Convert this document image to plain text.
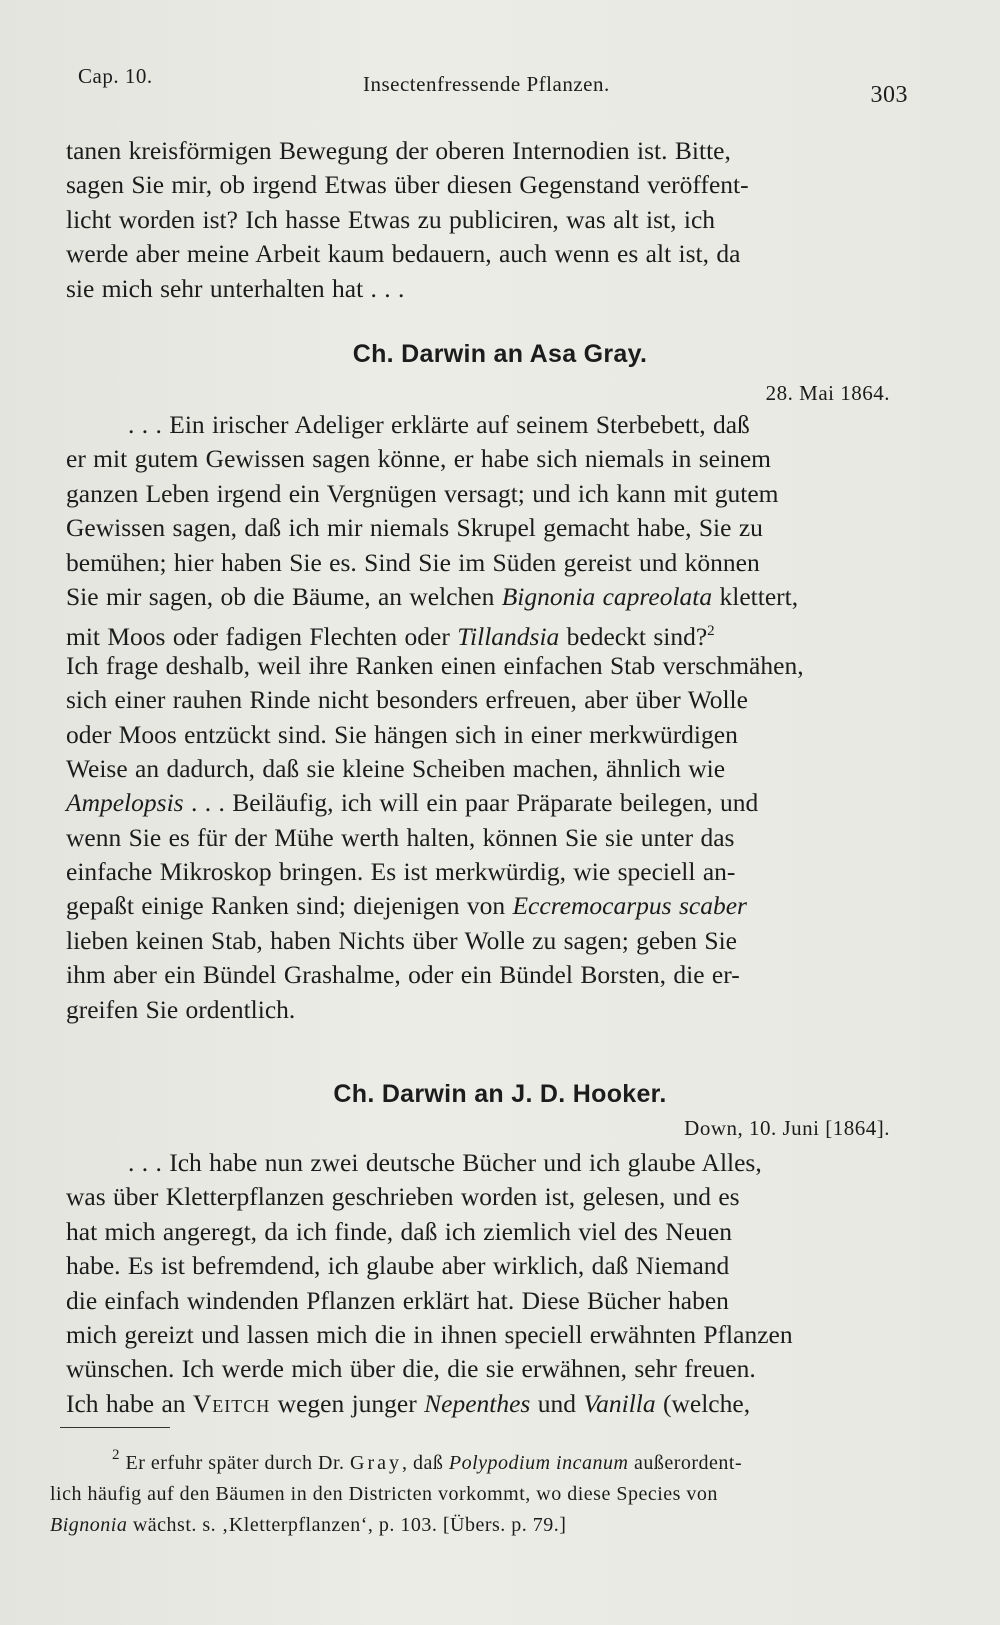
Cap. 10.	Insectenfressende Pflanzen.	303
tanen kreisförmigen Bewegung der oberen Internodien ist. Bitte,
sagen Sie mir, ob irgend Etwas über diesen Gegenstand veröffent-
licht worden ist? Ich hasse Etwas zu publiciren, was alt ist, ich
werde aber meine Arbeit kaum bedauern, auch wenn es alt ist, da
sie mich sehr unterhalten hat . . .
Ch. Darwin an Asa Gray.
28. Mai 1864.
. . . Ein irischer Adeliger erklärte auf seinem Sterbebett, daß
er mit gutem Gewissen sagen könne, er habe sich niemals in seinem
ganzen Leben irgend ein Vergnügen versagt; und ich kann mit gutem
Gewissen sagen, daß ich mir niemals Skrupel gemacht habe, Sie zu
bemühen; hier haben Sie es. Sind Sie im Süden gereist und können
Sie mir sagen, ob die Bäume, an welchen Bignonia capreolata klettert,
mit Moos oder fadigen Flechten oder Tillandsia bedeckt sind?$^2$
Ich frage deshalb, weil ihre Ranken einen einfachen Stab verschmähen,
sich einer rauhen Rinde nicht besonders erfreuen, aber über Wolle
oder Moos entzückt sind. Sie hängen sich in einer merkwürdigen
Weise an dadurch, daß sie kleine Scheiben machen, ähnlich wie
Ampelopsis . . . Beiläufig, ich will ein paar Präparate beilegen, und
wenn Sie es für der Mühe werth halten, können Sie sie unter das
einfache Mikroskop bringen. Es ist merkwürdig, wie speciell an-
gepaßt einige Ranken sind; diejenigen von Eccremocarpus scaber
lieben keinen Stab, haben Nichts über Wolle zu sagen; geben Sie
ihm aber ein Bündel Grashalme, oder ein Bündel Borsten, die er-
greifen Sie ordentlich.
Ch. Darwin an J. D. Hooker.
Down, 10. Juni [1864].
. . . Ich habe nun zwei deutsche Bücher und ich glaube Alles,
was über Kletterpflanzen geschrieben worden ist, gelesen, und es
hat mich angeregt, da ich finde, daß ich ziemlich viel des Neuen
habe. Es ist befremdend, ich glaube aber wirklich, daß Niemand
die einfach windenden Pflanzen erklärt hat. Diese Bücher haben
mich gereizt und lassen mich die in ihnen speciell erwähnten Pflanzen
wünschen. Ich werde mich über die, die sie erwähnen, sehr freuen.
Ich habe an Veitch wegen junger Nepenthes und Vanilla (welche,
$^2$ Er erfuhr später durch Dr. Gray, daß Polypodium incanum außerordent-
lich häufig auf den Bäumen in den Districten vorkommt, wo diese Species von
Bignonia wächst. s. ‚Kletterpflanzen‘, p. 103. [Übers. p. 79.]
